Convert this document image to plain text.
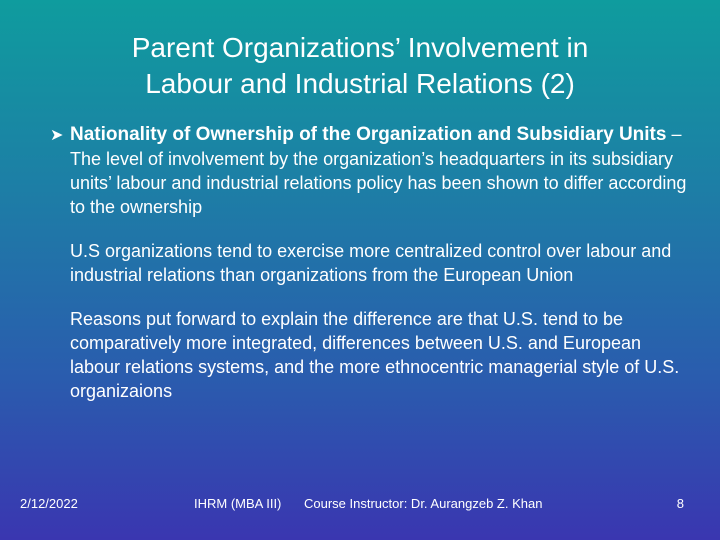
Parent Organizations’ Involvement in
Labour and Industrial Relations (2)
➤ Nationality of Ownership of the Organization and Subsidiary Units – The level of involvement by the organization’s headquarters in its subsidiary units’ labour and industrial relations policy has been shown to differ according to the ownership
U.S organizations tend to exercise more centralized control over labour and industrial relations than organizations from the European Union
Reasons put forward to explain the difference are that U.S. tend to be comparatively more integrated, differences between U.S. and European labour relations systems, and the more ethnocentric managerial style of U.S. organizaions
2/12/2022	IHRM (MBA III) Course Instructor: Dr. Aurangzeb Z. Khan	8
